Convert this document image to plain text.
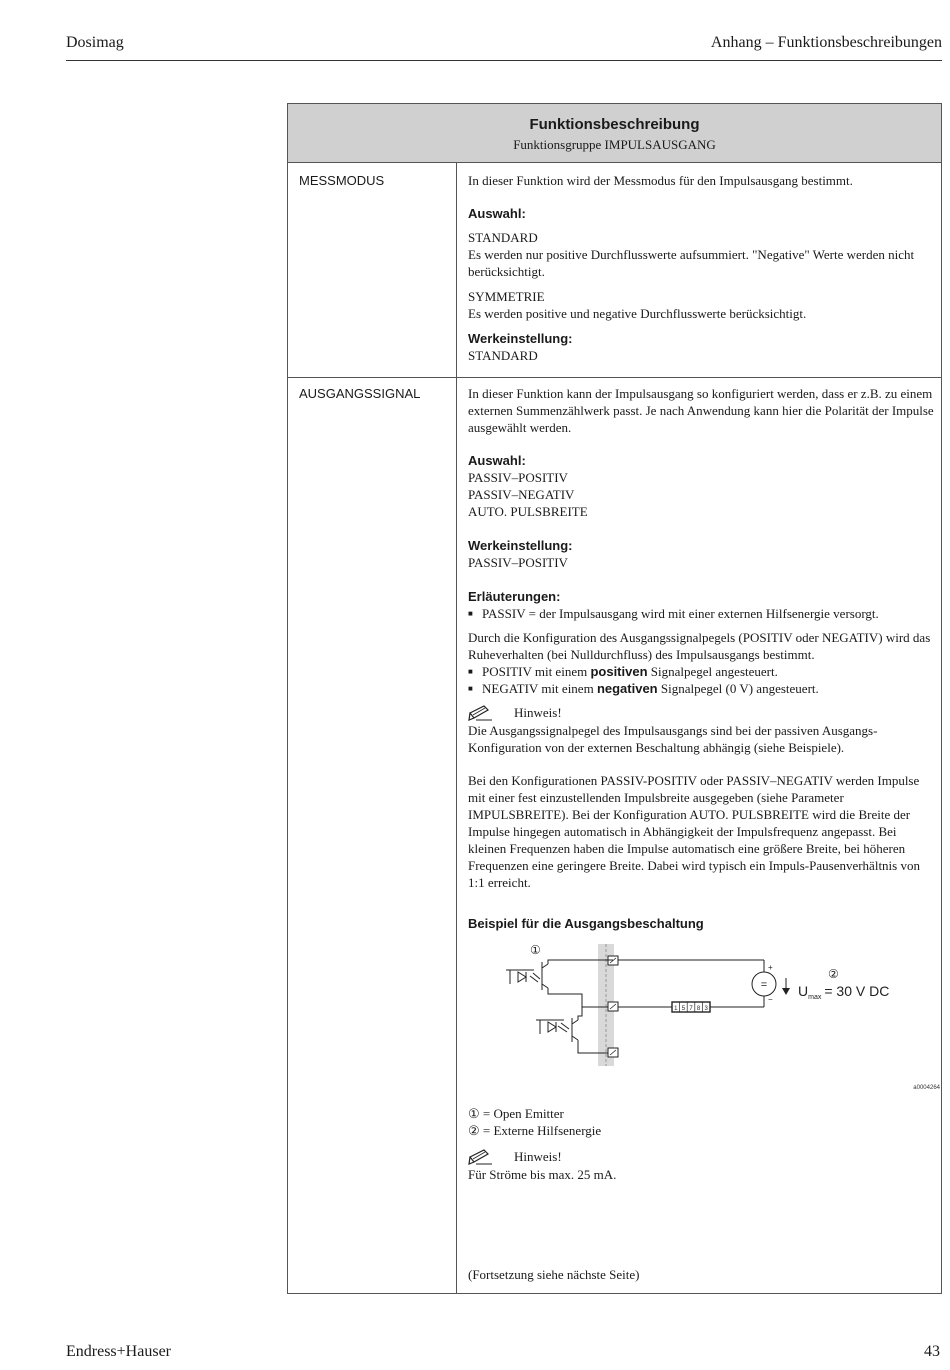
Dosimag	Anhang – Funktionsbeschreibungen
Funktionsbeschreibung
Funktionsgruppe IMPULSAUSGANG
MESSMODUS	In dieser Funktion wird der Messmodus für den Impulsausgang bestimmt.

Auswahl:

STANDARD

Es werden nur positive Durchflusswerte aufsummiert. "Negative" Werte werden nicht berücksichtigt.

SYMMETRIE

Es werden positive und negative Durchflusswerte berücksichtigt.

Werkeinstellung:

STANDARD

AUSGANGSSIGNAL	In dieser Funktion kann der Impulsausgang so konfiguriert werden, dass er z.B. zu einem externen Summenzählwerk passt. Je nach Anwendung kann hier die Polarität der Impulse ausgewählt werden.

Auswahl:

PASSIV–POSITIV

PASSIV–NEGATIV

AUTO. PULSBREITE

Werkeinstellung:

PASSIV–POSITIV

Erläuterungen:

■ PASSIV = der Impulsausgang wird mit einer externen Hilfsenergie versorgt.

Durch die Konfiguration des Ausgangssignalpegels (POSITIV oder NEGATIV) wird das Ruheverhalten (bei Nulldurchfluss) des Impulsausgangs bestimmt.

■ POSITIV mit einem positiven Signalpegel angesteuert.

■ NEGATIV mit einem negativen Signalpegel (0 V) angesteuert.

Hinweis!

Die Ausgangssignalpegel des Impulsausgangs sind bei der passiven Ausgangs-Konfiguration von der externen Beschaltung abhängig (siehe Beispiele).

Bei den Konfigurationen PASSIV-POSITIV oder PASSIV–NEGATIV werden Impulse mit einer fest einzustellenden Impulsbreite ausgegeben (siehe Parameter IMPULSBREITE). Bei der Konfiguration AUTO. PULSBREITE wird die Breite der Impulse hingegen automatisch in Abhängigkeit der Impulsfrequenz angepasst. Bei kleinen Frequenzen haben die Impulse automatisch eine größere Breite, bei höheren Frequenzen eine geringere Breite. Dabei wird typisch ein Impuls-Pausenverhältnis von 1:1 erreicht.

Beispiel für die Ausgangsbeschaltung

① = Open Emitter

② = Externe Hilfsenergie

Hinweis!

Für Ströme bis max. 25 mA.

(Fortsetzung siehe nächste Seite)
①
②
1 5 7 8 3
=
+
−
$U_{max} = 30$ V DC
a0004264
Endress+Hauser	43
